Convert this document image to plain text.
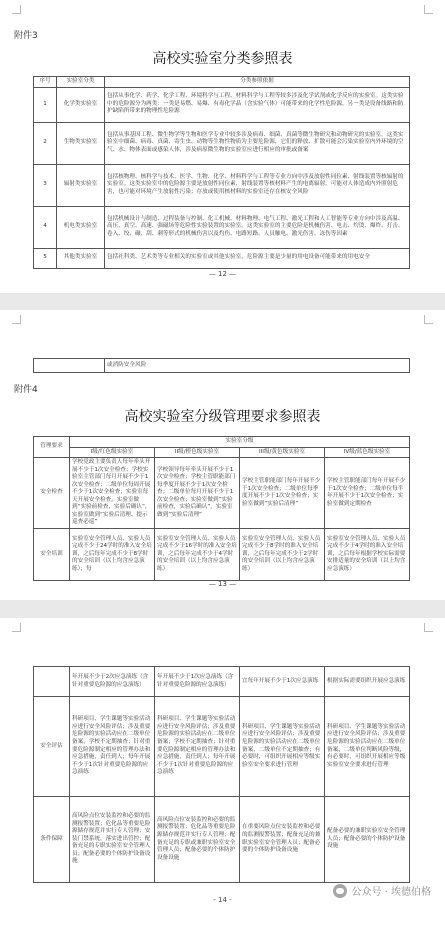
附件3
高校实验室分类参照表
序号	实验室分类	分类参照依据
1	化学类实验室	包括从事化学、药学、化学工程、环境科学与工程、材料科学与工程等较多涉及化学试剂或化学反应的实验室。这类实验中的危险源分为两类：一类是易燃、易爆、有毒化学品（含实验气体）可能带来的化学性危险源，另一类是设备线路和防护缺陷所带来的物理性危险源
2	生物类实验室	包括从事基因工程、微生物学等生物和医学专业中较多涉及病毒、细菌、真菌等微生物研究和动物研究的实验室。这类实验室中细菌、病毒、真菌、寄生虫、动物等生物性物质为主要危险源，它们的释放、扩散可能会污染实验室内外环境的空气、水、物体表面或感染人体，涉及病原微生物的实验室应进行相应的审批或备案
3	辐射类实验室	包括核物理、核科学与技术、医学、生物、化学、材料科学与工程等专业方向中涉及放射性同位素、射线装置等核辐射的实验室。这类实验室中的危险源主要是放射性同位素、射线装置等核材料产生的电离辐射，可能对人体造成内外照射危害，也可能对环境产生放射性污染；存放或使用核材料的实验室还存在核安全风险
4	机电类实验室	包括机械设计与制造、过程装备与控制、化工机械、材料物理、电气工程、激光工程和人工智能等专业方向中涉及高温、高压、真空、高速、强磁场等危险性实验装置的实验室。这类实验室的主要危险是机械伤害、电击、灼烫、爆炸、打击、卷入、绞、碾、刮、刺等形式的机械伤害以及灼伤、电路短路、人员触电、激光伤害、冻伤等因素
5	其他类实验室	包括社科类、艺术类等专业相关的实验室或其他实验室，危险源主要是少量的用电设备可能带来的用电安全
— 12 —
	或消防安全风险
附件4
高校实验室分级管理要求参照表
管理要求	实验室分级			
	I级/红色级实验室	II级/橙色级实验室	III级/黄色级实验室	IV级/蓝色级实验室
安全检查	学校党政主要负责人每年牵头开展不少于1次安全检查；学校实验室主管部门每月开展不少于1次安全检查；二级单位每周开展不少于1次安全检查；实验室每天开展安全检查，实验室做到“实验前检查，实验后确认”，实验室做到“实验后清理、提示巡查必巡”	学校领导每年牵头开展不少于1次安全检查；学校主管职能部门每季度开展不少于1次安全检查；二级单位每月开展不少于1次安全检查；实验室做到“实验前检查，实验后确认”，实验室做到“实验后清理”	学校主管职能部门每年开展不少于1次安全检查；二级单位每季度开展不少于1次安全检查；实验室做到“实验后清理”	学校主管职能部门每年开展不少于1次安全检查；二级单位每半年开展不少于1次安全检查；实验室做到定期检查
安全培训	实验室安全管理人员、实验人员完成不少于24学时的准入安全培训，之后每年完成不少于8学时的安全培训（以上均含应急演练）；每	实验室安全管理人员、实验人员完成不少于16学时的准入安全培训，之后每年完成不少于4学时的安全培训（以上均含应急演练）	实验室安全管理人员、实验人员完成不少于8学时的准入安全培训，之后每年完成不少于2学时的安全培训（以上均含应急演练）	实验室安全管理人员、实验人员完成不少于4学时的准入安全培训，之后每年根据学校实际需要安排适量的安全培训（以上均含应急演练）
— 13 —
	年开展不少于2次应急演练（含针对重要危险源的应急演练）	年开展不少于1次应急演练（含针对重要危险源的应急演练）	宜每年开展不少于1次应急演练	根据实际需要组织开展应急演练
安全评估	科研项目、学生课题等实验活动应进行安全风险评估；涉及重要危险源的实验活动应在二级单位备案，学校不定期抽查；针对重要危险源制定相应的管理办法和应急措施，责任到人；每年开展不少于1次针对重要危险源的应急演练	科研项目、学生课题等实验活动应进行安全风险评估；涉及重要危险源的实验活动应在二级单位备案；学校不定期抽查；针对重要危险源制定相应的管理办法和应急措施，责任到人；每年开展不少于1次针对重要危险源的应急演练	科研项目、学生课题等实验活动应进行安全风险评估；涉及重要危险源的实验活动应在二级单位备案，二级单位不定期抽查；有必要时，可组织开展相应等级实验室安全要求进行管理	科研项目、学生课题等实验活动应进行安全风险评估；涉及重要危险源的实验活动应在二级单位备案，二级单位判断风险等级，有必要时，可组织开展相应等级实验室安全要求进行管理
条件保障	高风险点位安装监控和必要的监测报警装置；危化品等重要危险源储存规范并实行专人管理；安装门禁系统，落实进出管控；配备充足的专职实验室安全管理人员；配备必要的个体防护设备设施	高风险点位安装监控和必要的监测报警装置；危化品等重要危险源储存规范并实行专人管理；配备充足的专职或兼职实验室安全管理人员；配备必要的个体防护设备设施	在重要风险点位安装监控和必要的监测报警装置；配备充足的兼职实验室安全管理人员；配备必要的个体防护设备设施	配备必要的兼职实验室安全管理人员；配备必要的个体防护设备设施
- 14 -
公众号 · 埃德伯格
